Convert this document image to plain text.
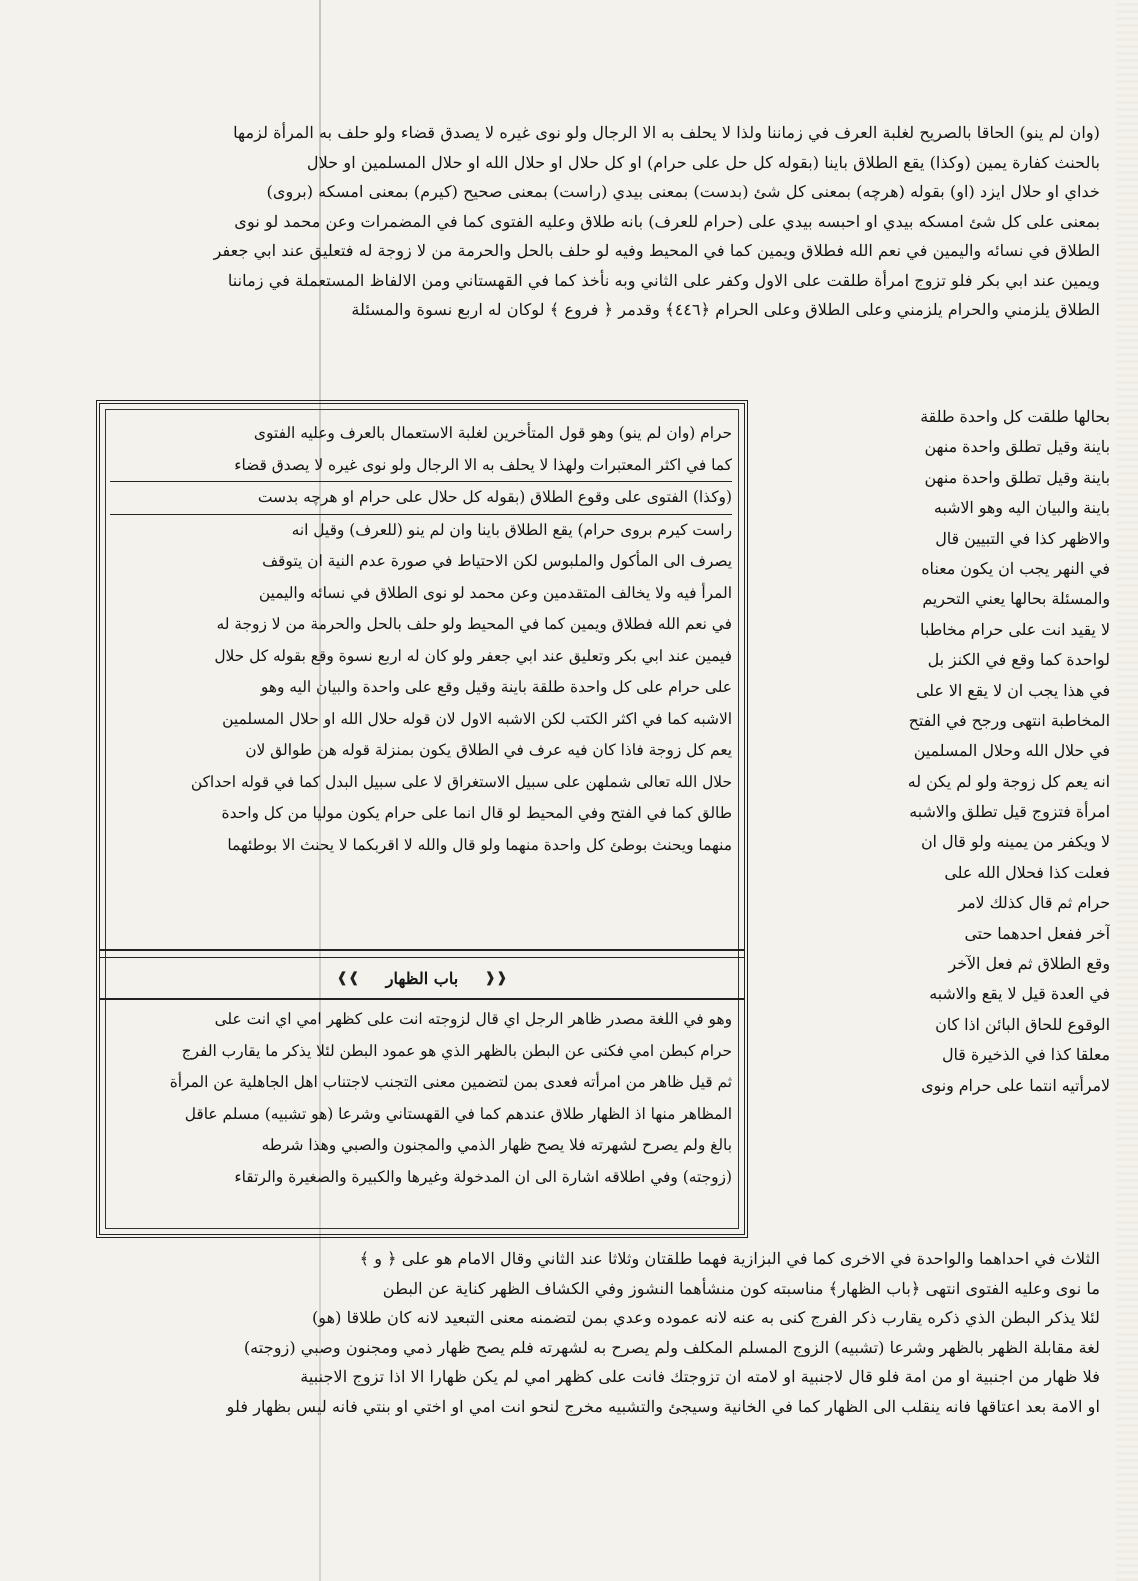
(وان لم ينو) الحاقا بالصريح لغلبة العرف في زماننا ولذا لا يحلف به الا الرجال ولو نوى غيره لا يصدق قضاء ولو حلف به المرأة لزمها
بالحنث كفارة يمين (وكذا) يقع الطلاق باينا (بقوله كل حل على حرام) او كل حلال او حلال الله او حلال المسلمين او حلال
خداي او حلال ايزد (او) بقوله (هرچه) بمعنى كل شئ (بدست) بمعنى بيدي (راست) بمعنى صحيح (كيرم) بمعنى امسكه (بروى)
بمعنى على كل شئ امسكه بيدي او احبسه بيدي على (حرام للعرف) بانه طلاق وعليه الفتوى كما في المضمرات وعن محمد لو نوى
الطلاق في نسائه واليمين في نعم الله فطلاق ويمين كما في المحيط وفيه لو حلف بالحل والحرمة من لا زوجة له فتعليق عند ابي جعفر
ويمين عند ابي بكر فلو تزوج امرأة طلقت على الاول وكفر على الثاني وبه نأخذ كما في القهستاني ومن الالفاظ المستعملة في زماننا
الطلاق يلزمني والحرام يلزمني وعلى الطلاق وعلى الحرام ﴿٤٤٦﴾ وقدمر ﴿ فروع ﴾ لوكان له اربع نسوة والمسئلة
حرام (وان لم ينو) وهو قول المتأخرين لغلبة الاستعمال بالعرف وعليه الفتوى
كما في اكثر المعتبرات ولهذا لا يحلف به الا الرجال ولو نوى غيره لا يصدق قضاء
(وكذا) الفتوى على وقوع الطلاق (بقوله كل حلال على حرام او هرچه بدست
راست كيرم بروى حرام) يقع الطلاق باينا وان لم ينو (للعرف) وقيل انه
يصرف الى المأكول والملبوس لكن الاحتياط في صورة عدم النية ان يتوقف
المرأ فيه ولا يخالف المتقدمين وعن محمد لو نوى الطلاق في نسائه واليمين
في نعم الله فطلاق ويمين كما في المحيط ولو حلف بالحل والحرمة من لا زوجة له
فيمين عند ابي بكر وتعليق عند ابي جعفر ولو كان له اربع نسوة وقع بقوله كل حلال
على حرام على كل واحدة طلقة باينة وقيل وقع على واحدة والبيان اليه وهو
الاشبه كما في اكثر الكتب لكن الاشبه الاول لان قوله حلال الله او حلال المسلمين
يعم كل زوجة فاذا كان فيه عرف في الطلاق يكون بمنزلة قوله هن طوالق لان
حلال الله تعالى شملهن على سبيل الاستغراق لا على سبيل البدل كما في قوله احداكن
طالق كما في الفتح وفي المحيط لو قال انما على حرام يكون موليا من كل واحدة
منهما ويحنث بوطئ كل واحدة منهما ولو قال والله لا اقربكما لا يحنث الا بوطئهما
❰❰	باب الظهار	❱❱
وهو في اللغة مصدر ظاهر الرجل اي قال لزوجته انت على كظهر امي اي انت على
حرام كبطن امي فكنى عن البطن بالظهر الذي هو عمود البطن لئلا يذكر ما يقارب الفرج
ثم قيل ظاهر من امرأته فعدى بمن لتضمين معنى التجنب لاجتناب اهل الجاهلية عن المرأة
المظاهر منها اذ الظهار طلاق عندهم كما في القهستاني وشرعا (هو تشبيه) مسلم عاقل
بالغ ولم يصرح لشهرته فلا يصح ظهار الذمي والمجنون والصبي وهذا شرطه
(زوجته) وفي اطلاقه اشارة الى ان المدخولة وغيرها والكبيرة والصغيرة والرتقاء
بحالها طلقت كل واحدة طلقة
باينة وقيل تطلق واحدة منهن
باينة وقيل تطلق واحدة منهن
باينة والبيان اليه وهو الاشبه
والاظهر كذا في التبيين قال
في النهر يجب ان يكون معناه
والمسئلة بحالها يعني التحريم
لا يقيد انت على حرام مخاطبا
لواحدة كما وقع في الكنز بل
في هذا يجب ان لا يقع الا على
المخاطبة انتهى ورجح في الفتح
في حلال الله وحلال المسلمين
انه يعم كل زوجة ولو لم يكن له
امرأة فتزوج قيل تطلق والاشبه
لا ويكفر من يمينه ولو قال ان
فعلت كذا فحلال الله على
حرام ثم قال كذلك لامر
آخر ففعل احدهما حتى
وقع الطلاق ثم فعل الآخر
في العدة قيل لا يقع والاشبه
الوقوع للحاق البائن اذا كان
معلقا كذا في الذخيرة قال
لامرأتيه انتما على حرام ونوى
الثلاث في احداهما والواحدة في الاخرى كما في البزازية فهما طلقتان وثلاثا عند الثاني وقال الامام هو على ﴿ و ﴾
ما نوى وعليه الفتوى انتهى ﴿باب الظهار﴾ مناسبته كون منشأهما النشوز وفي الكشاف الظهر كناية عن البطن
لئلا يذكر البطن الذي ذكره يقارب ذكر الفرج كنى به عنه لانه عموده وعدي بمن لتضمنه معنى التبعيد لانه كان طلاقا (هو)
لغة مقابلة الظهر بالظهر وشرعا (تشبيه) الزوج المسلم المكلف ولم يصرح به لشهرته فلم يصح ظهار ذمي ومجنون وصبي (زوجته)
فلا ظهار من اجنبية او من امة فلو قال لاجنبية او لامته ان تزوجتك فانت على كظهر امي لم يكن ظهارا الا اذا تزوج الاجنبية
او الامة بعد اعتاقها فانه ينقلب الى الظهار كما في الخانية وسيجئ والتشبيه مخرج لنحو انت امي او اختي او بنتي فانه ليس بظهار فلو
